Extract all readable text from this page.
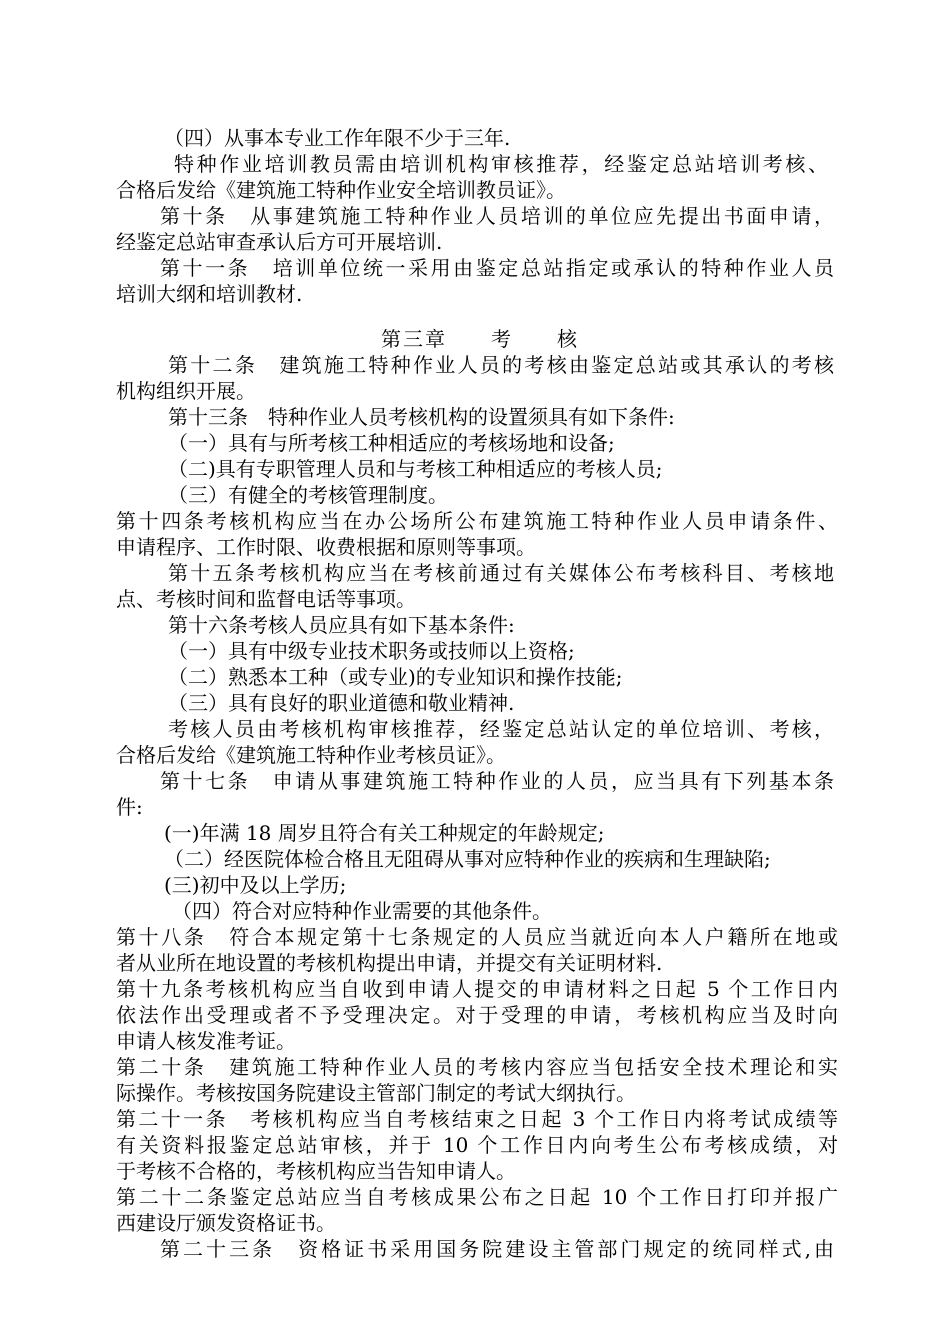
（四）从事本专业工作年限不少于三年.
特种作业培训教员需由培训机构审核推荐，经鉴定总站培训考核、
合格后发给《建筑施工特种作业安全培训教员证》。
第十条　从事建筑施工特种作业人员培训的单位应先提出书面申请，
经鉴定总站审查承认后方可开展培训.
第十一条　培训单位统一采用由鉴定总站指定或承认的特种作业人员
培训大纲和培训教材.
第三章　　考　　核
第十二条　建筑施工特种作业人员的考核由鉴定总站或其承认的考核
机构组织开展。
第十三条　特种作业人员考核机构的设置须具有如下条件:
（一）具有与所考核工种相适应的考核场地和设备;
（二)具有专职管理人员和与考核工种相适应的考核人员;
（三）有健全的考核管理制度。
第十四条考核机构应当在办公场所公布建筑施工特种作业人员申请条件、
申请程序、工作时限、收费根据和原则等事项。
第十五条考核机构应当在考核前通过有关媒体公布考核科目、考核地
点、考核时间和监督电话等事项。
第十六条考核人员应具有如下基本条件:
（一）具有中级专业技术职务或技师以上资格;
（二）熟悉本工种（或专业)的专业知识和操作技能;
（三）具有良好的职业道德和敬业精神.
考核人员由考核机构审核推荐，经鉴定总站认定的单位培训、考核，
合格后发给《建筑施工特种作业考核员证》。
第十七条　申请从事建筑施工特种作业的人员，应当具有下列基本条
件:
(一)年满 18 周岁且符合有关工种规定的年龄规定;
（二）经医院体检合格且无阻碍从事对应特种作业的疾病和生理缺陷;
(三)初中及以上学历;
（四）符合对应特种作业需要的其他条件。
第十八条　符合本规定第十七条规定的人员应当就近向本人户籍所在地或
者从业所在地设置的考核机构提出申请，并提交有关证明材料.
第十九条考核机构应当自收到申请人提交的申请材料之日起 5 个工作日内
依法作出受理或者不予受理决定。对于受理的申请，考核机构应当及时向
申请人核发准考证。
第二十条　建筑施工特种作业人员的考核内容应当包括安全技术理论和实
际操作。考核按国务院建设主管部门制定的考试大纲执行。
第二十一条　考核机构应当自考核结束之日起 3 个工作日内将考试成绩等
有关资料报鉴定总站审核，并于 10 个工作日内向考生公布考核成绩，对
于考核不合格的，考核机构应当告知申请人。
第二十二条鉴定总站应当自考核成果公布之日起 10 个工作日打印并报广
西建设厅颁发资格证书。
第二十三条　资格证书采用国务院建设主管部门规定的统同样式,由
